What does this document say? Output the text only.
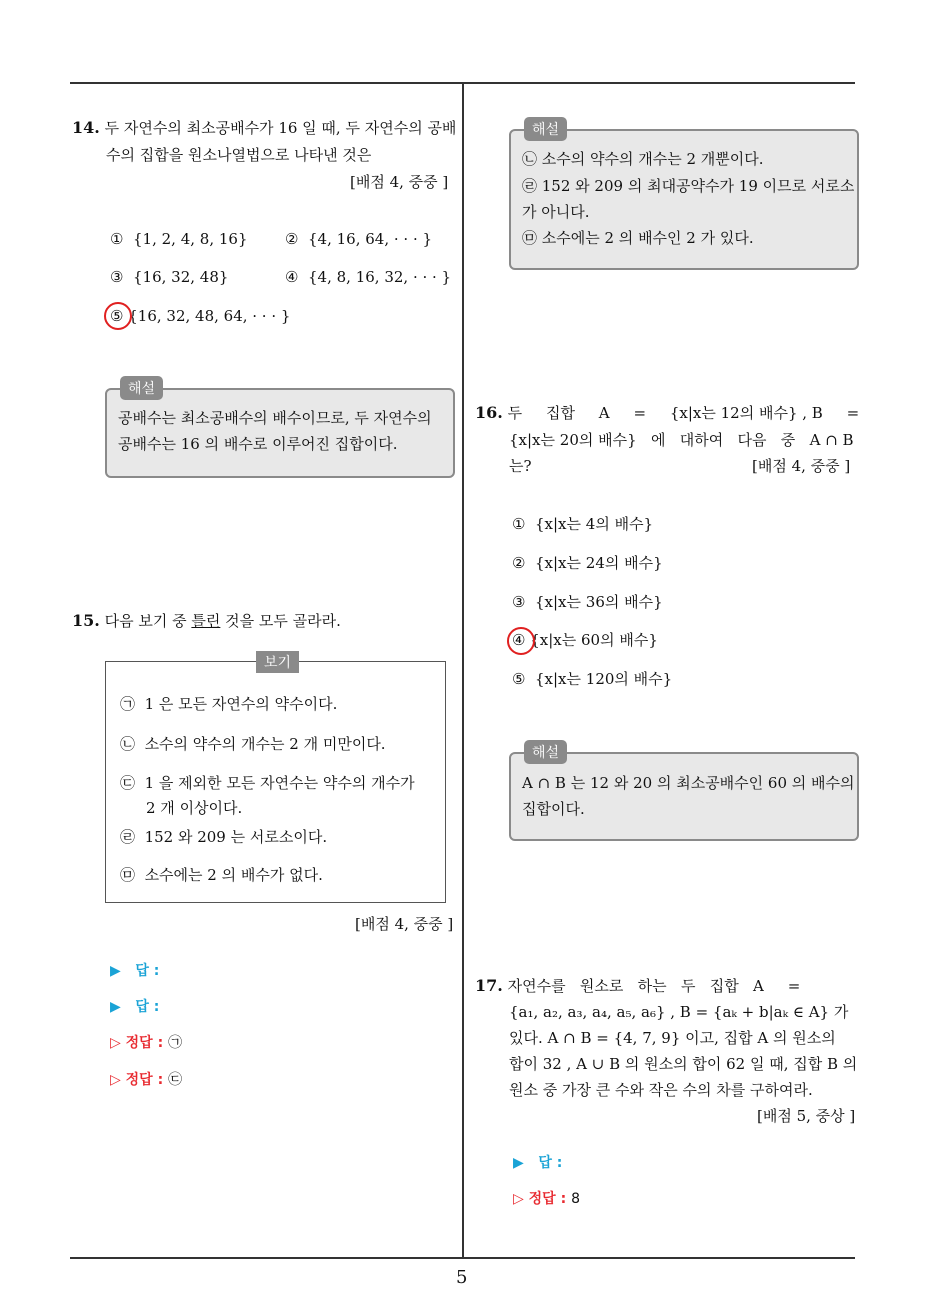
5
14. 두 자연수의 최소공배수가 16 일 때, 두 자연수의 공배
수의 집합을 원소나열법으로 나타낸 것은
[배점 4, 중중 ]
① {1, 2, 4, 8, 16}	② {4, 16, 64, · · · }
③ {16, 32, 48}	④ {4, 8, 16, 32, · · · }
⑤ {16, 32, 48, 64, · · · }
해설
공배수는 최소공배수의 배수이므로, 두 자연수의
공배수는 16 의 배수로 이루어진 집합이다.
15. 다음 보기 중 틀린 것을 모두 골라라.
보기
㉠ 1 은 모든 자연수의 약수이다.
㉡ 소수의 약수의 개수는 2 개 미만이다.
㉢ 1 을 제외한 모든 자연수는 약수의 개수가
2 개 이상이다.
㉣ 152 와 209 는 서로소이다.
㉤ 소수에는 2 의 배수가 없다.
[배점 4, 중중 ]
▶ 답 :
▶ 답 :
▷ 정답 : ㉠
▷ 정답 : ㉢
해설
㉡ 소수의 약수의 개수는 2 개뿐이다.
㉣ 152 와 209 의 최대공약수가 19 이므로 서로소
가 아니다.
㉤ 소수에는 2 의 배수인 2 가 있다.
16. 두     집합     A     =     {x|x는 12의 배수} , B     =
{x|x는 20의 배수}   에   대하여   다음   중   A ∩ B
는?	[배점 4, 중중 ]
① {x|x는 4의 배수}
② {x|x는 24의 배수}
③ {x|x는 36의 배수}
④ {x|x는 60의 배수}
⑤ {x|x는 120의 배수}
해설
A ∩ B 는 12 와 20 의 최소공배수인 60 의 배수의
집합이다.
17. 자연수를   원소로   하는   두   집합   A     =
{a₁, a₂, a₃, a₄, a₅, a₆} , B = {aₖ + b|aₖ ∈ A} 가
있다. A ∩ B = {4, 7, 9} 이고, 집합 A 의 원소의
합이 32 , A ∪ B 의 원소의 합이 62 일 때, 집합 B 의
원소 중 가장 큰 수와 작은 수의 차를 구하여라.
[배점 5, 중상 ]
▶ 답 :
▷ 정답 : 8
